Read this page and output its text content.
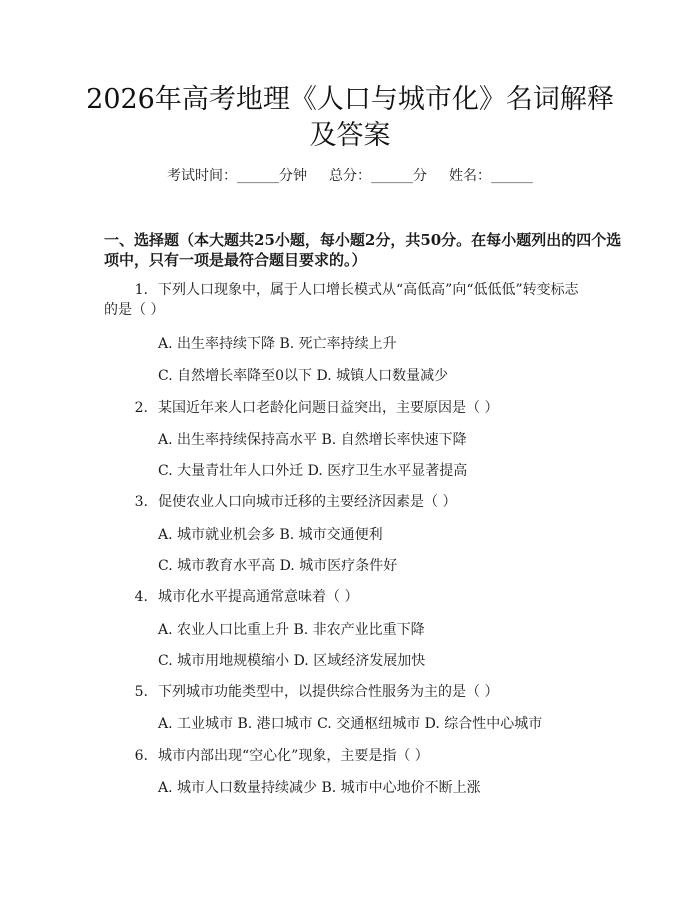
2026年高考地理《人口与城市化》名词解释
及答案
考试时间：______分钟 总分：______分 姓名：______
一、选择题（本大题共25小题，每小题2分，共50分。在每小题列出的四个选
项中，只有一项是最符合题目要求的。）
1. 下列人口现象中，属于人口增长模式从“高低高”向“低低低”转变标志
的是（ ）
A. 出生率持续下降 B. 死亡率持续上升
C. 自然增长率降至0以下 D. 城镇人口数量减少
2. 某国近年来人口老龄化问题日益突出，主要原因是（ ）
A. 出生率持续保持高水平 B. 自然增长率快速下降
C. 大量青壮年人口外迁 D. 医疗卫生水平显著提高
3. 促使农业人口向城市迁移的主要经济因素是（ ）
A. 城市就业机会多 B. 城市交通便利
C. 城市教育水平高 D. 城市医疗条件好
4. 城市化水平提高通常意味着（ ）
A. 农业人口比重上升 B. 非农产业比重下降
C. 城市用地规模缩小 D. 区域经济发展加快
5. 下列城市功能类型中，以提供综合性服务为主的是（ ）
A. 工业城市 B. 港口城市 C. 交通枢纽城市 D. 综合性中心城市
6. 城市内部出现“空心化”现象，主要是指（ ）
A. 城市人口数量持续减少 B. 城市中心地价不断上涨
